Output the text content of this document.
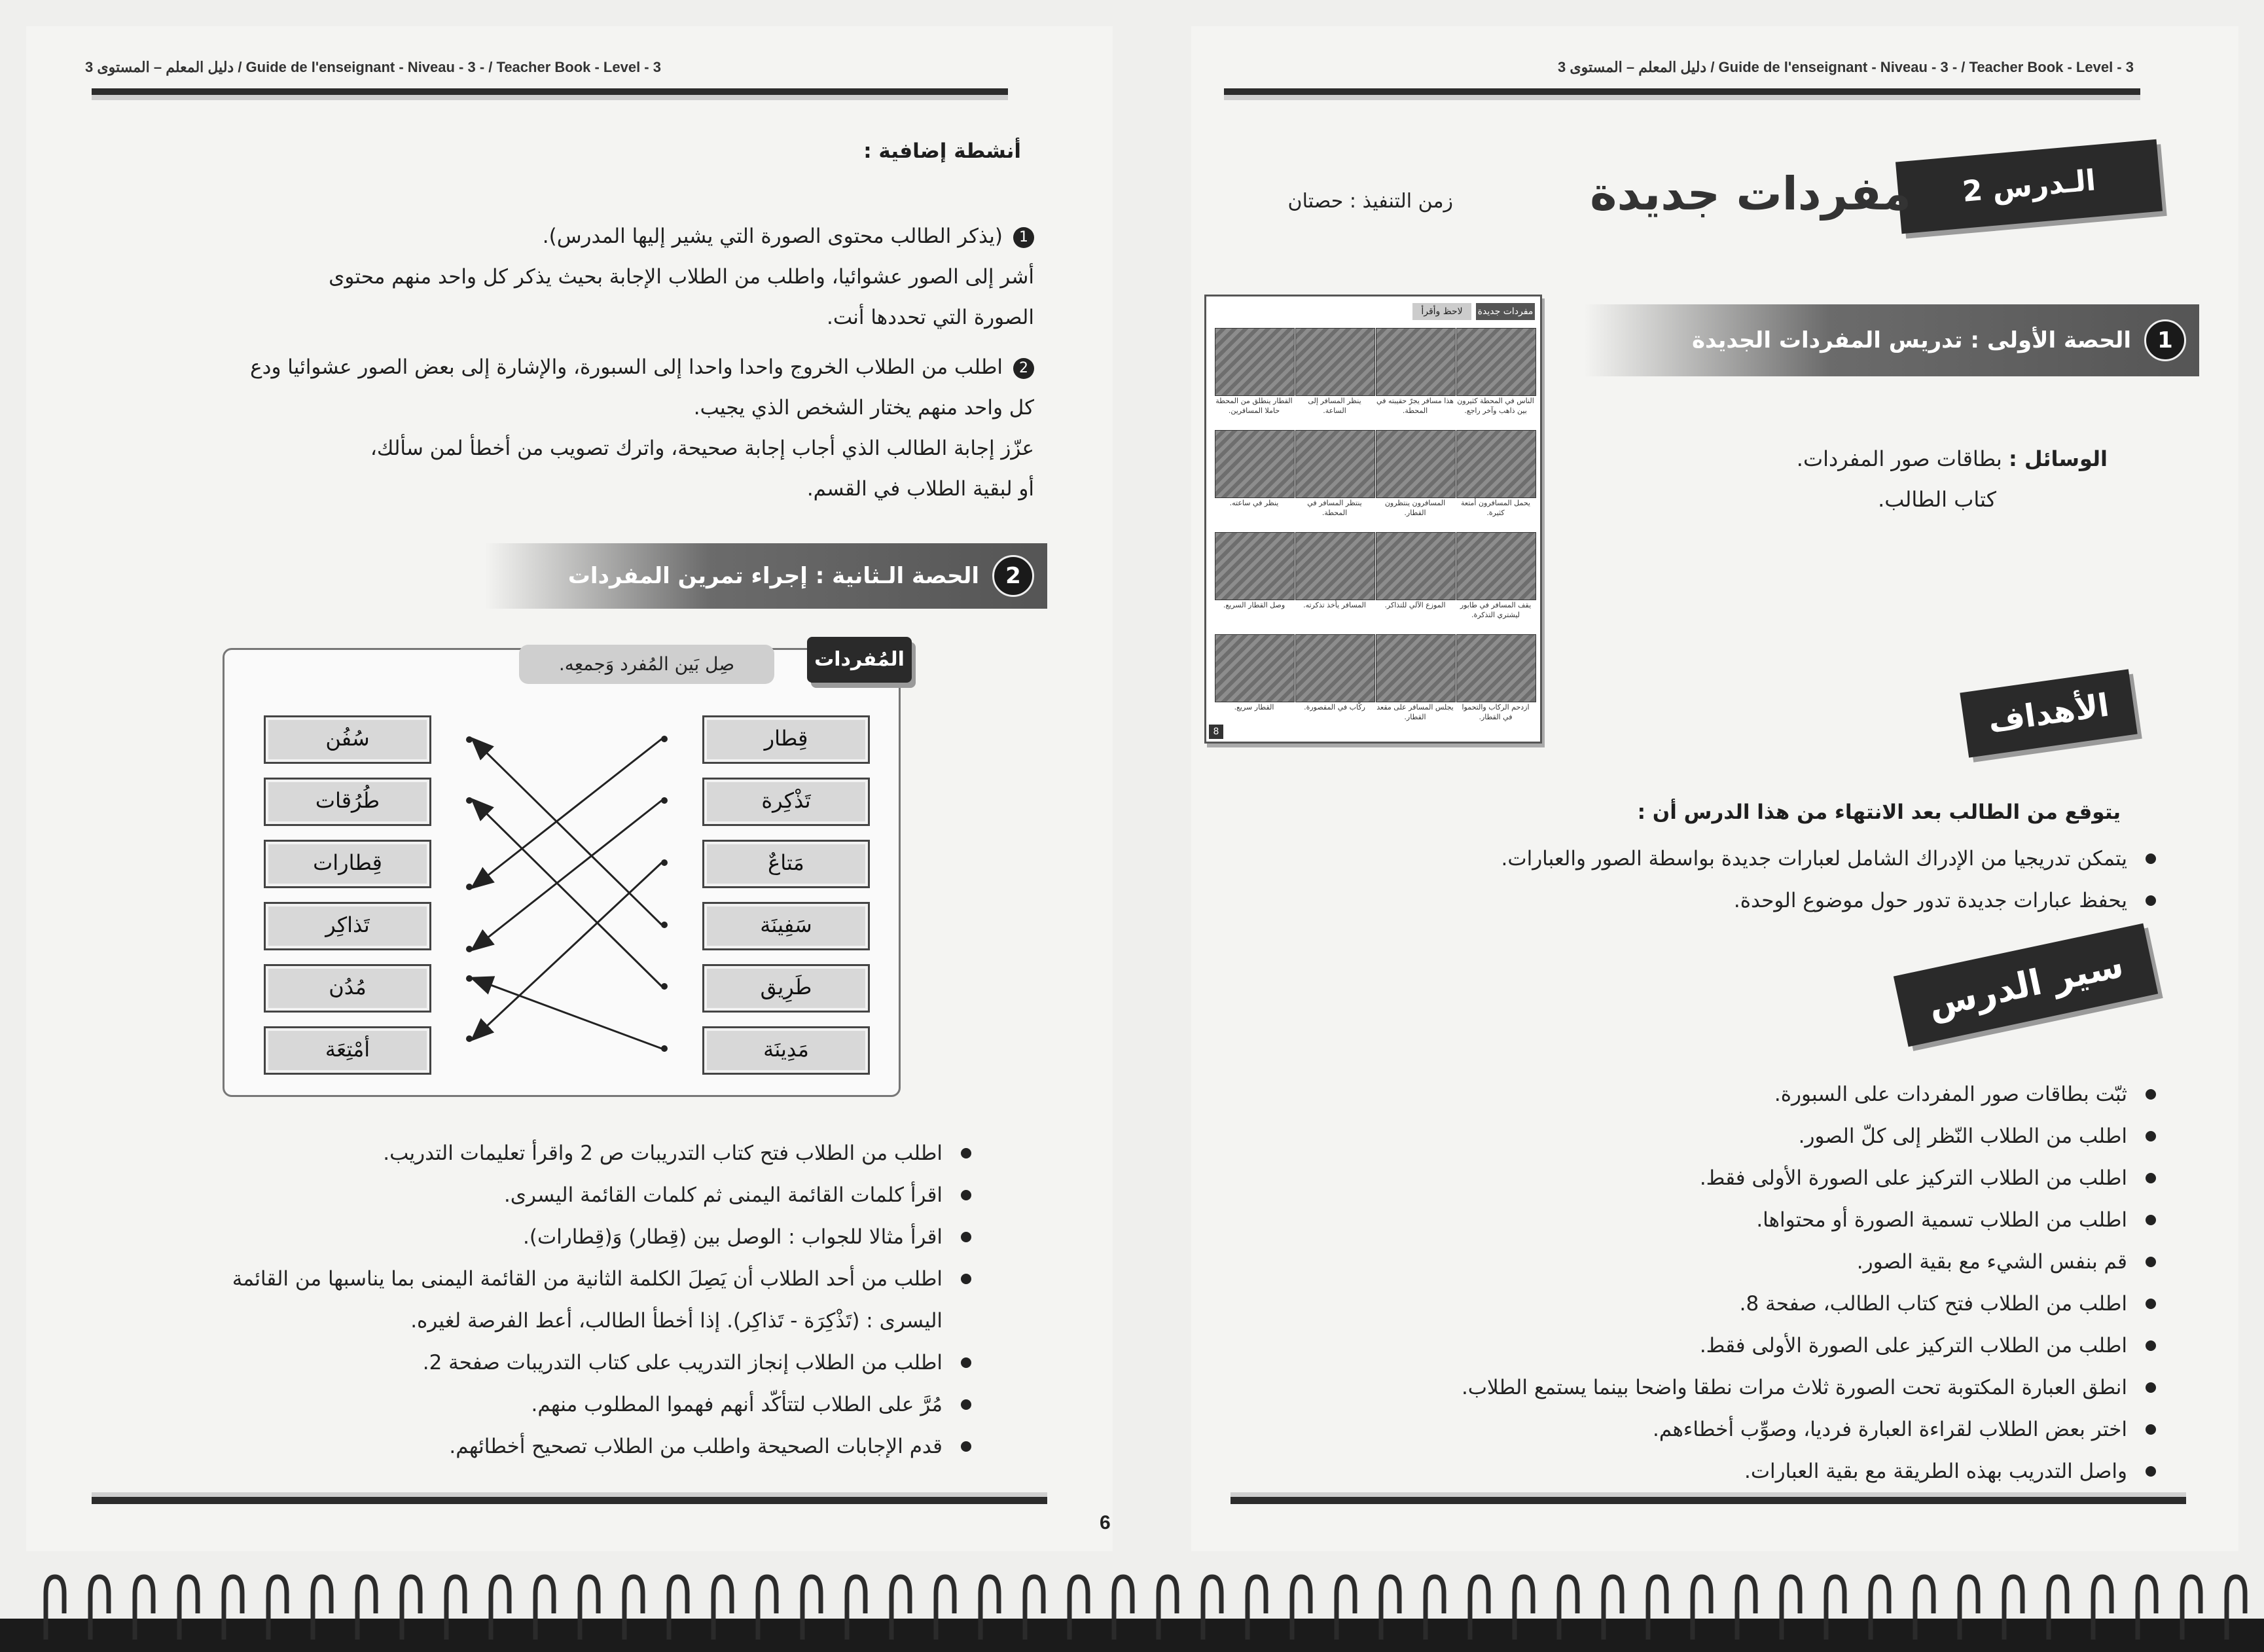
دليل المعلم – المستوى 3 / Guide de l'enseignant - Niveau - 3 - / Teacher Book - Level - 3
أنشطة إضافية :
1(يذكر الطالب محتوى الصورة التي يشير إليها المدرس).
أشر إلى الصور عشوائيا، واطلب من الطلاب الإجابة بحيث يذكر كل واحد منهم محتوى
الصورة التي تحددها أنت.
2اطلب من الطلاب الخروج واحدا واحدا إلى السبورة، والإشارة إلى بعض الصور عشوائيا ودع
كل واحد منهم يختار الشخص الذي يجيب.
عزّز إجابة الطالب الذي أجاب إجابة صحيحة، واترك تصويب من أخطأ لمن سألك،
أو لبقية الطلاب في القسم.
الحصة الـثانية : إجراء تمرين المفردات	2
المُفردات
صِل بَين المُفرد وَجمعِه.
قِطار
تَذْكِرة
مَتاعٌ
سَفِينَة
طَرِيق
مَدِينَة
سُفُن
طُرُقات
قِطارات
تَذاكِر
مُدُن
أمْتِعَة
اطلب من الطلاب فتح كتاب التدريبات ص 2 واقرأ تعليمات التدريب.
اقرأ كلمات القائمة اليمنى ثم كلمات القائمة اليسرى.
اقرأ مثالا للجواب : الوصل بين (قِطار) وَ(قِطارات).
اطلب من أحد الطلاب أن يَصِلَ الكلمة الثانية من القائمة اليمنى بما يناسبها من القائمة اليسرى : (تَذْكِرَة - تَذاكِر). إذا أخطأ الطالب، أعط الفرصة لغيره.
اطلب من الطلاب إنجاز التدريب على كتاب التدريبات صفحة 2.
مُرَّ على الطلاب لتتأكّد أنهم فهموا المطلوب منهم.
قدم الإجابات الصحيحة واطلب من الطلاب تصحيح أخطائهم.
6
دليل المعلم – المستوى 3 / Guide de l'enseignant - Niveau - 3 - / Teacher Book - Level - 3
الـدرس 2
مفردات جديدة
زمن التنفيذ : حصتان
الحصة الأولى : تدريس المفردات الجديدة	1
الوسائل : بطاقات صور المفردات.
كتاب الطالب.
مفردات جديدة
لاحظ وأقرأ
8
الناس في المحطة كثيرون بين ذاهب وآخر راجع.
هذا مسافر يجرّ حقيبته في المحطة.
ينظر المسافر إلى الساعة.
القطار ينطلق من المحطة حاملا المسافرين.
يحمل المسافرون أمتعة كثيرة.
المسافرون ينتظرون القطار.
ينتظر المسافر في المحطة.
ينظر في ساعته.
يقف المسافر في طابور ليشتري التذكرة.
الموزع الآلي للتذاكر.
المسافر يأخذ تذكرته.
وصل القطار السريع.
ازدحم الركاب والتحموا في القطار.
يجلس المسافر على مقعد القطار.
ركّاب في المقصورة.
القطار سريع.	الأهداف
يتوقع من الطالب بعد الانتهاء من هذا الدرس أن :
يتمكن تدريجيا من الإدراك الشامل لعبارات جديدة بواسطة الصور والعبارات.
يحفظ عبارات جديدة تدور حول موضوع الوحدة.
سير الدرس
ثبّت بطاقات صور المفردات على السبورة.
اطلب من الطلاب النّظر إلى كلّ الصور.
اطلب من الطلاب التركيز على الصورة الأولى فقط.
اطلب من الطلاب تسمية الصورة أو محتواها.
قم بنفس الشيء مع بقية الصور.
اطلب من الطلاب فتح كتاب الطالب، صفحة 8.
اطلب من الطلاب التركيز على الصورة الأولى فقط.
انطق العبارة المكتوبة تحت الصورة ثلاث مرات نطقا واضحا بينما يستمع الطلاب.
اختر بعض الطلاب لقراءة العبارة فرديا، وصوِّب أخطاءهم.
واصل التدريب بهذه الطريقة مع بقية العبارات.
